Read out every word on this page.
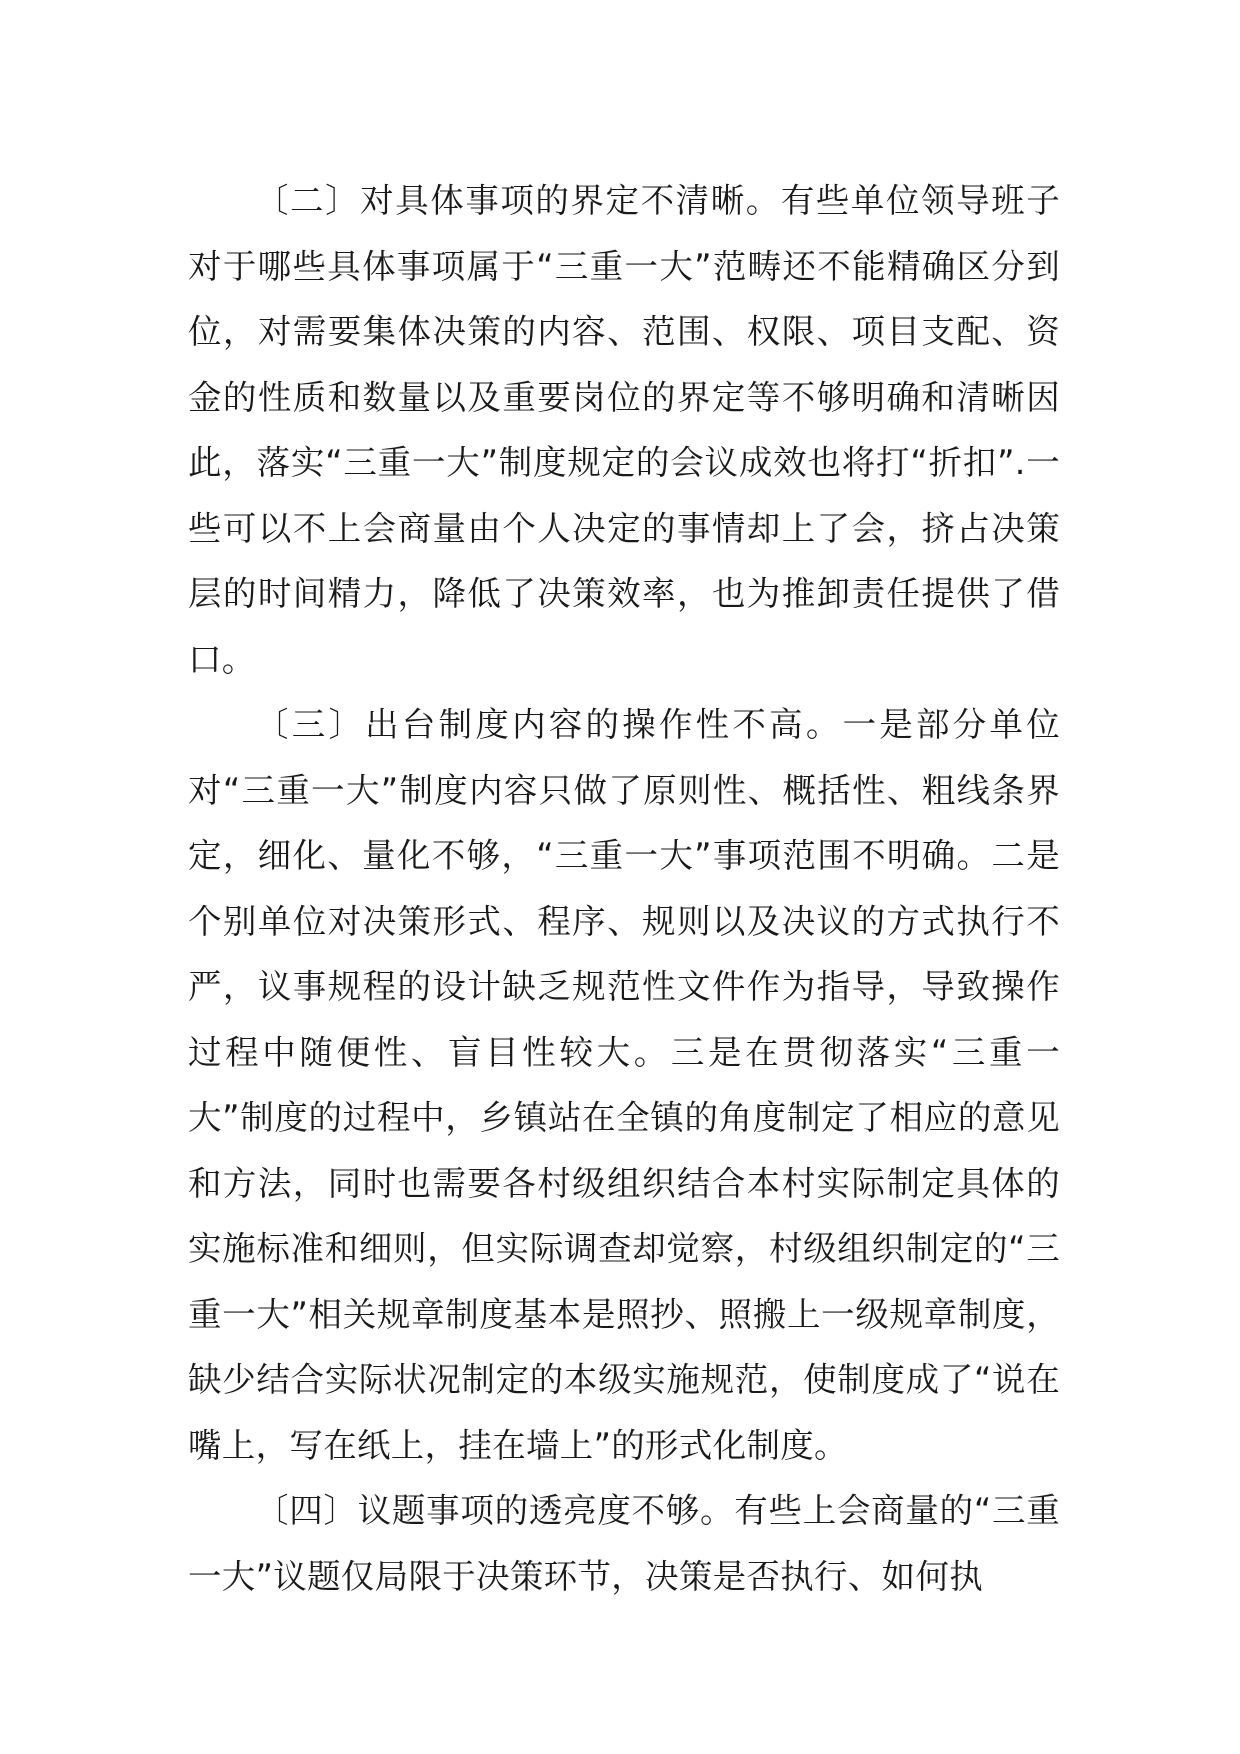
〔二〕对具体事项的界定不清晰。有些单位领导班子对于哪些具体事项属于“三重一大”范畴还不能精确区分到位，对需要集体决策的内容、范围、权限、项目支配、资金的性质和数量以及重要岗位的界定等不够明确和清晰因此，落实“三重一大”制度规定的会议成效也将打“折扣”.一些可以不上会商量由个人决定的事情却上了会，挤占决策层的时间精力，降低了决策效率，也为推卸责任提供了借口。

〔三〕出台制度内容的操作性不高。一是部分单位对“三重一大”制度内容只做了原则性、概括性、粗线条界定，细化、量化不够，“三重一大”事项范围不明确。二是个别单位对决策形式、程序、规则以及决议的方式执行不严，议事规程的设计缺乏规范性文件作为指导，导致操作过程中随便性、盲目性较大。三是在贯彻落实“三重一大”制度的过程中，乡镇站在全镇的角度制定了相应的意见和方法，同时也需要各村级组织结合本村实际制定具体的实施标准和细则，但实际调查却觉察，村级组织制定的“三重一大”相关规章制度基本是照抄、照搬上一级规章制度，缺少结合实际状况制定的本级实施规范，使制度成了“说在嘴上，写在纸上，挂在墙上”的形式化制度。

〔四〕议题事项的透亮度不够。有些上会商量的“三重一大”议题仅局限于决策环节，决策是否执行、如何执
